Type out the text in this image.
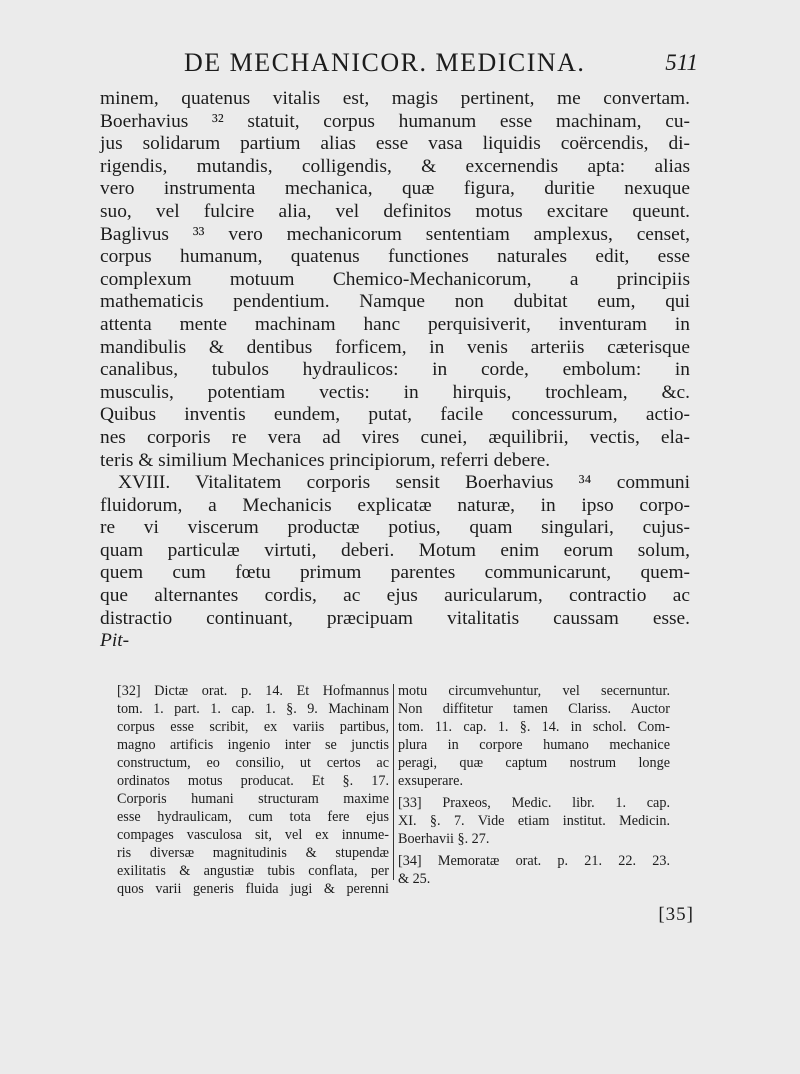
DE MECHANICOR. MEDICINA.	511
minem, quatenus vitalis est, magis pertinent, me convertam.
Boerhavius ³² statuit, corpus humanum esse machinam, cu-
jus solidarum partium alias esse vasa liquidis coërcendis, di-
rigendis, mutandis, colligendis, & excernendis apta: alias
vero instrumenta mechanica, quæ figura, duritie nexuque
suo, vel fulcire alia, vel definitos motus excitare queunt.
Baglivus ³³ vero mechanicorum sententiam amplexus, censet,
corpus humanum, quatenus functiones naturales edit, esse
complexum motuum Chemico-Mechanicorum, a principiis
mathematicis pendentium. Namque non dubitat eum, qui
attenta mente machinam hanc perquisiverit, inventuram in
mandibulis & dentibus forficem, in venis arteriis cæterisque
canalibus, tubulos hydraulicos: in corde, embolum: in
musculis, potentiam vectis: in hirquis, trochleam, &c.
Quibus inventis eundem, putat, facile concessurum, actio-
nes corporis re vera ad vires cunei, æquilibrii, vectis, ela-
teris & similium Mechanices principiorum, referri debere.
XVIII. Vitalitatem corporis sensit Boerhavius ³⁴ communi
fluidorum, a Mechanicis explicatæ naturæ, in ipso corpo-
re vi viscerum productæ potius, quam singulari, cujus-
quam particulæ virtuti, deberi. Motum enim eorum solum,
quem cum fœtu primum parentes communicarunt, quem-
que alternantes cordis, ac ejus auricularum, contractio ac
distractio continuant, præcipuam vitalitatis caussam esse.
Pit-
[32] Dictæ orat. p. 14. Et Hofmannus
tom. 1. part. 1. cap. 1. §. 9. Machinam
corpus esse scribit, ex variis partibus,
magno artificis ingenio inter se junctis
constructum, eo consilio, ut certos ac
ordinatos motus producat. Et §. 17.
Corporis humani structuram maxime
esse hydraulicam, cum tota fere ejus
compages vasculosa sit, vel ex innume-
ris diversæ magnitudinis & stupendæ
exilitatis & angustiæ tubis conflata, per
quos varii generis fluida jugi & perenni
motu circumvehuntur, vel secernuntur.
Non diffitetur tamen Clariss. Auctor
tom. 11. cap. 1. §. 14. in schol. Com-
plura in corpore humano mechanice
peragi, quæ captum nostrum longe
exsuperare.
[33] Praxeos, Medic. libr. 1. cap.
XI. §. 7. Vide etiam institut. Medicin.
Boerhavii §. 27.
[34] Memoratæ orat. p. 21. 22. 23.
& 25.
[35]
